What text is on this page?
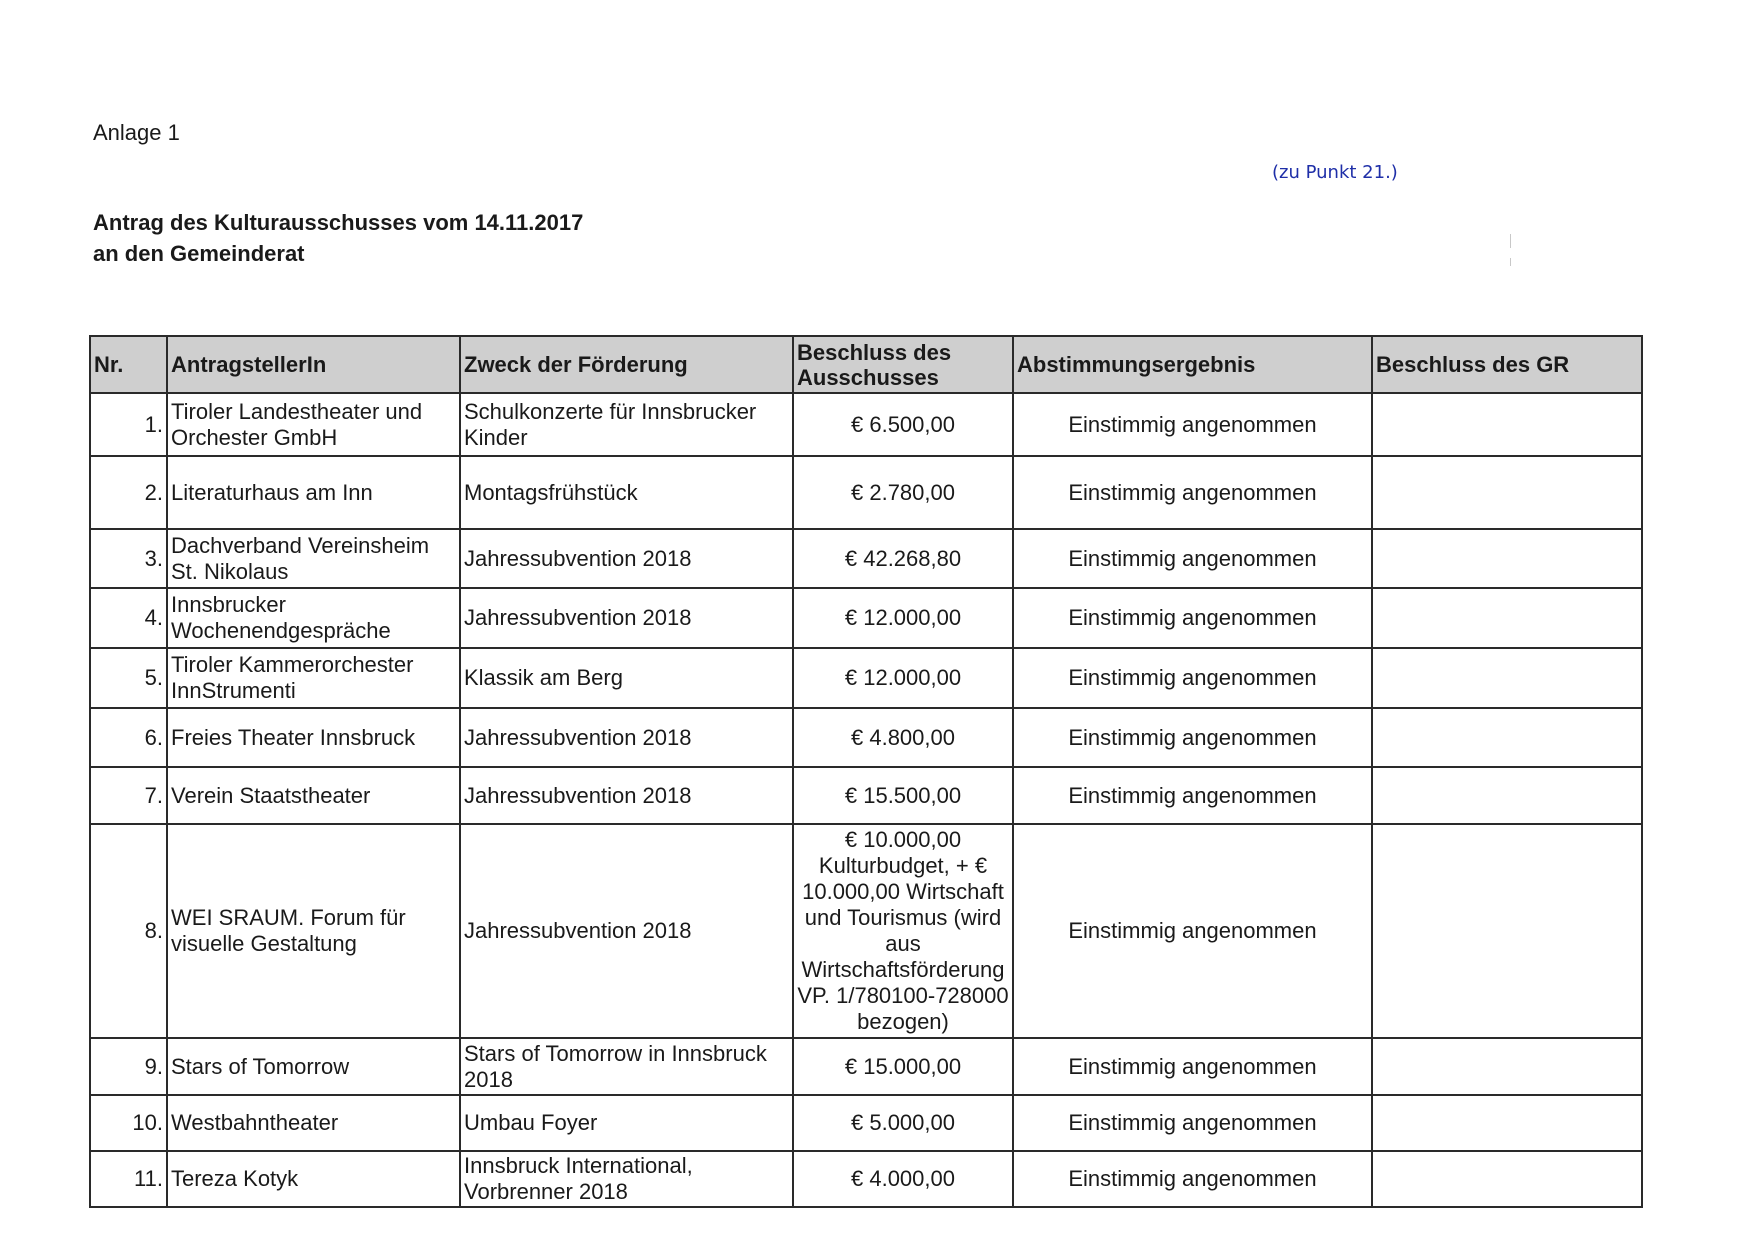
Anlage 1
(zu Punkt 21.)
Antrag des Kulturausschusses vom 14.11.2017
an den Gemeinderat
Nr.	AntragstellerIn	Zweck der Förderung	Beschluss des Ausschusses	Abstimmungsergebnis	Beschluss des GR
1.	Tiroler Landestheater und Orchester GmbH	Schulkonzerte für Innsbrucker Kinder	€ 6.500,00	Einstimmig angenommen	
2.	Literaturhaus am Inn	Montagsfrühstück	€ 2.780,00	Einstimmig angenommen	
3.	Dachverband Vereinsheim St. Nikolaus	Jahressubvention 2018	€ 42.268,80	Einstimmig angenommen	
4.	Innsbrucker Wochenendgespräche	Jahressubvention 2018	€ 12.000,00	Einstimmig angenommen	
5.	Tiroler Kammerorchester InnStrumenti	Klassik am Berg	€ 12.000,00	Einstimmig angenommen	
6.	Freies Theater Innsbruck	Jahressubvention 2018	€ 4.800,00	Einstimmig angenommen	
7.	Verein Staatstheater	Jahressubvention 2018	€ 15.500,00	Einstimmig angenommen	
8.	WEI SRAUM. Forum für visuelle Gestaltung	Jahressubvention 2018	€ 10.000,00 Kulturbudget, + € 10.000,00 Wirtschaft und Tourismus (wird aus Wirtschaftsförderung VP. 1/780100-728000 bezogen)	Einstimmig angenommen	
9.	Stars of Tomorrow	Stars of Tomorrow in Innsbruck 2018	€ 15.000,00	Einstimmig angenommen	
10.	Westbahntheater	Umbau Foyer	€ 5.000,00	Einstimmig angenommen	
11.	Tereza Kotyk	Innsbruck International, Vorbrenner 2018	€ 4.000,00	Einstimmig angenommen	
